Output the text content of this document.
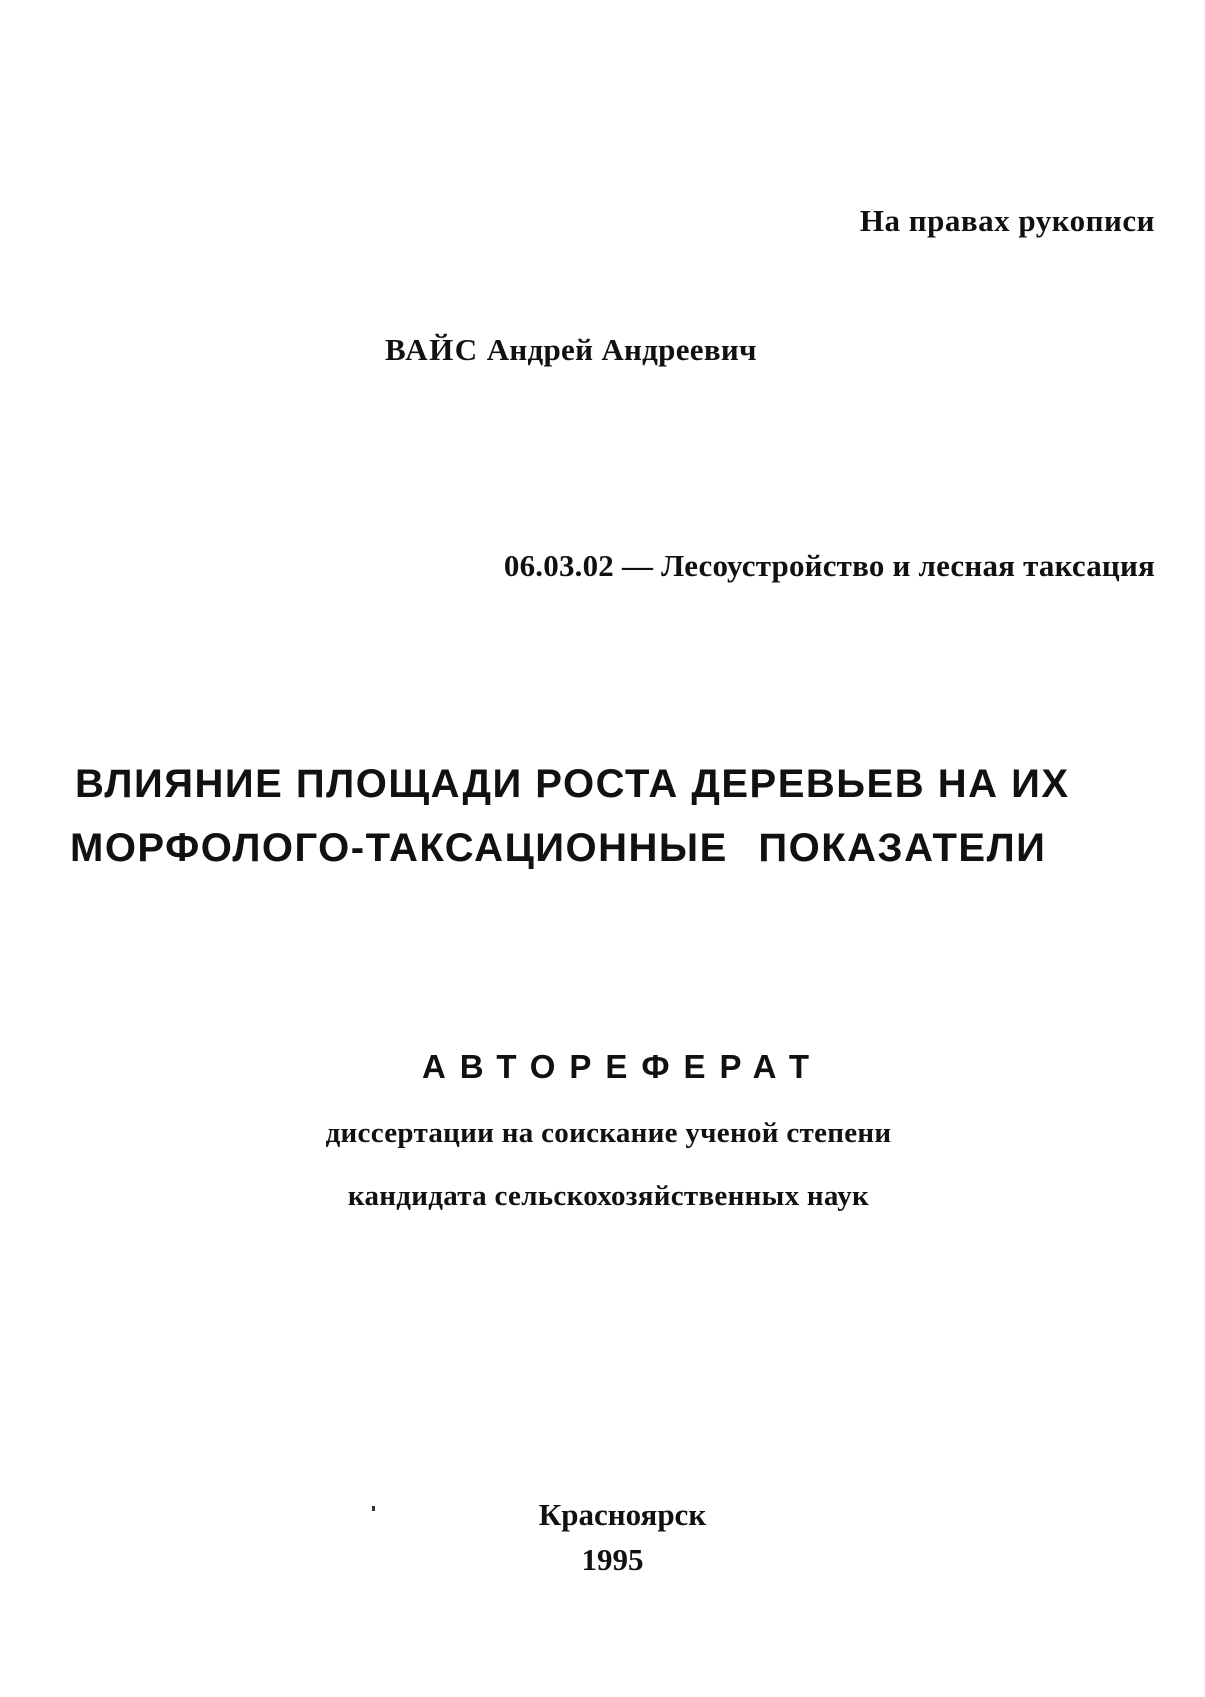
На правах рукописи

ВАЙС Андрей Андреевич

06.03.02 — Лесоустройство и лесная таксация

ВЛИЯНИЕ ПЛОЩАДИ РОСТА ДЕРЕВЬЕВ НА ИХ

МОРФОЛОГО-ТАКСАЦИОННЫЕ ПОКАЗАТЕЛИ

АВТОРЕФЕРАТ

диссертации на соискание ученой степени

кандидата сельскохозяйственных наук

Красноярск

1995
